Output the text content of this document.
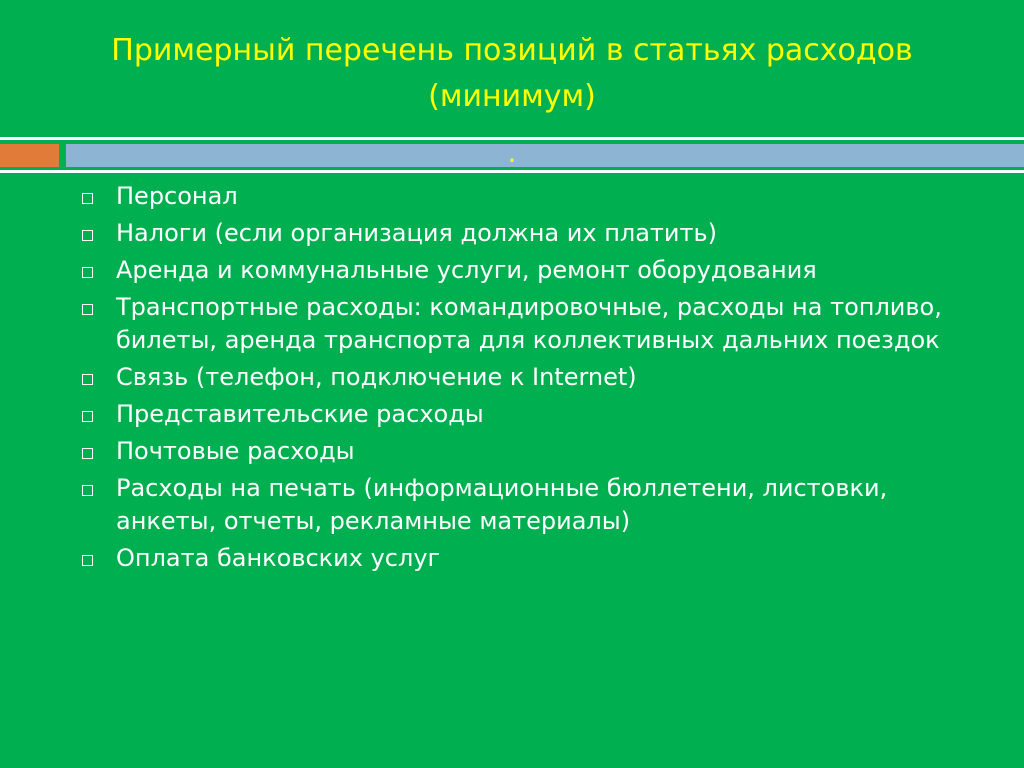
Примерный перечень позиций в статьях расходов
(минимум)
.
Персонал
Налоги (если организация должна их платить)
Аренда и коммунальные услуги, ремонт оборудования
Транспортные расходы: командировочные, расходы на топливо, билеты, аренда транспорта для коллективных дальних поездок
Связь (телефон, подключение к Internet)
Представительские расходы
Почтовые расходы
Расходы на печать (информационные бюллетени, листовки, анкеты, отчеты, рекламные материалы)
Оплата банковских услуг
